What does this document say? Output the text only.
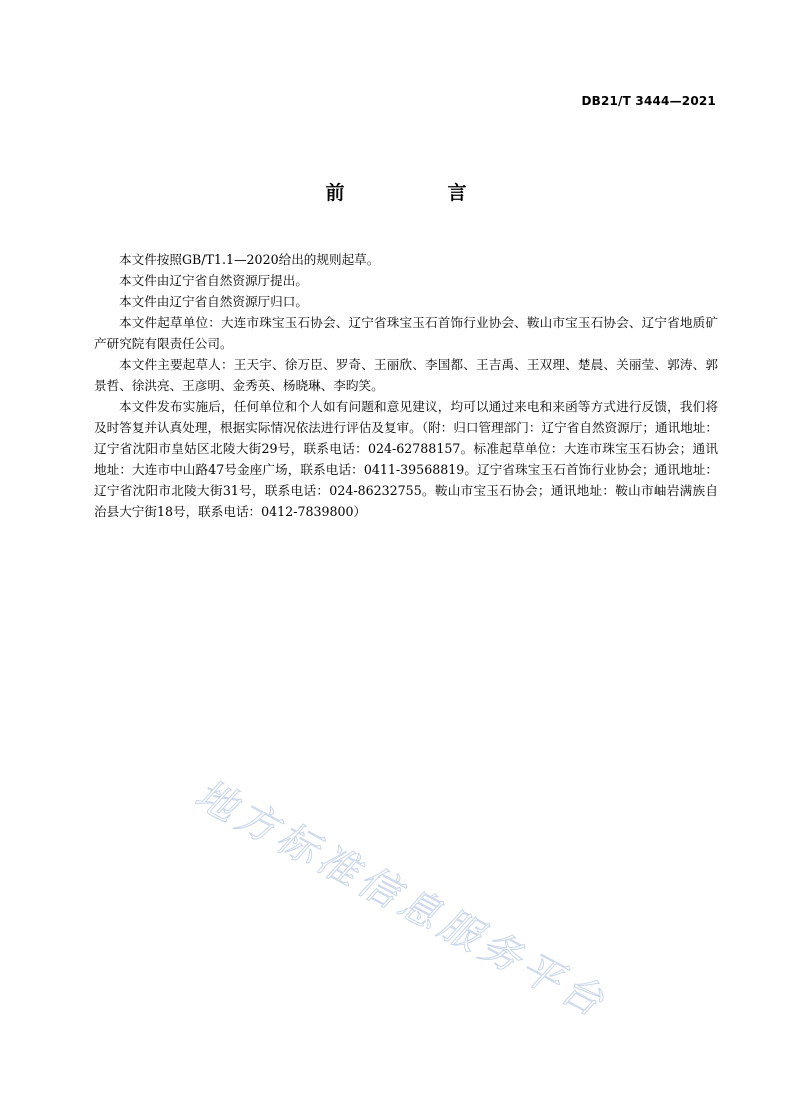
DB21/T 3444—2021
前　言

本文件按照GB/T1.1—2020给出的规则起草。

本文件由辽宁省自然资源厅提出。

本文件由辽宁省自然资源厅归口。

本文件起草单位：大连市珠宝玉石协会、辽宁省珠宝玉石首饰行业协会、鞍山市宝玉石协会、辽宁省地质矿产研究院有限责任公司。

本文件主要起草人：王天宇、徐万臣、罗奇、王丽欣、李国都、王吉禹、王双理、楚晨、关丽莹、郭涛、郭景哲、徐洪亮、王彦明、金秀英、杨晓琳、李昀笑。

本文件发布实施后，任何单位和个人如有问题和意见建议，均可以通过来电和来函等方式进行反馈，我们将及时答复并认真处理，根据实际情况依法进行评估及复审。（附：归口管理部门：辽宁省自然资源厅；通讯地址：辽宁省沈阳市皇姑区北陵大街29号，联系电话：024-62788157。标准起草单位：大连市珠宝玉石协会；通讯地址：大连市中山路47号金座广场，联系电话：0411-39568819。辽宁省珠宝玉石首饰行业协会；通讯地址：辽宁省沈阳市北陵大街31号，联系电话：024-86232755。鞍山市宝玉石协会；通讯地址：鞍山市岫岩满族自治县大宁街18号，联系电话：0412-7839800）

地方标准信息服务平台
